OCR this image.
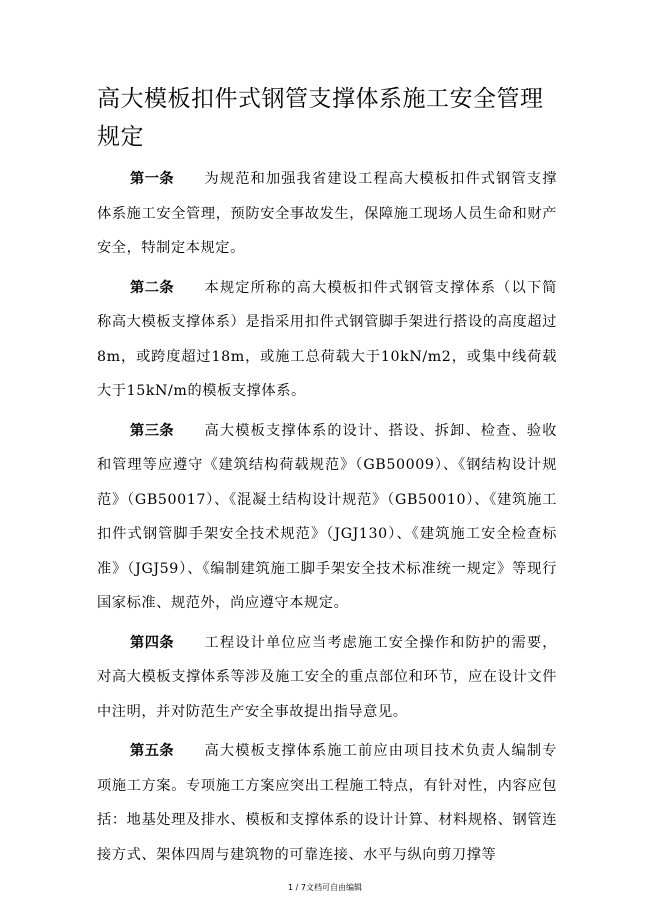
高大模板扣件式钢管支撑体系施工安全管理规定

第一条 为规范和加强我省建设工程高大模板扣件式钢管支撑体系施工安全管理，预防安全事故发生，保障施工现场人员生命和财产安全，特制定本规定。

第二条 本规定所称的高大模板扣件式钢管支撑体系（以下简称高大模板支撑体系）是指采用扣件式钢管脚手架进行搭设的高度超过8m，或跨度超过18m，或施工总荷载大于10kN/m2，或集中线荷载大于15kN/m的模板支撑体系。

第三条 高大模板支撑体系的设计、搭设、拆卸、检查、验收和管理等应遵守《建筑结构荷载规范》（GB50009）、《钢结构设计规范》（GB50017）、《混凝土结构设计规范》（GB50010）、《建筑施工扣件式钢管脚手架安全技术规范》（JGJ130）、《建筑施工安全检查标准》（JGJ59）、《编制建筑施工脚手架安全技术标准统一规定》等现行国家标准、规范外，尚应遵守本规定。

第四条 工程设计单位应当考虑施工安全操作和防护的需要，对高大模板支撑体系等涉及施工安全的重点部位和环节，应在设计文件中注明，并对防范生产安全事故提出指导意见。

第五条 高大模板支撑体系施工前应由项目技术负责人编制专项施工方案。专项施工方案应突出工程施工特点，有针对性，内容应包括：地基处理及排水、模板和支撑体系的设计计算、材料规格、钢管连接方式、架体四周与建筑物的可靠连接、水平与纵向剪刀撑等

1 / 7文档可自由编辑
